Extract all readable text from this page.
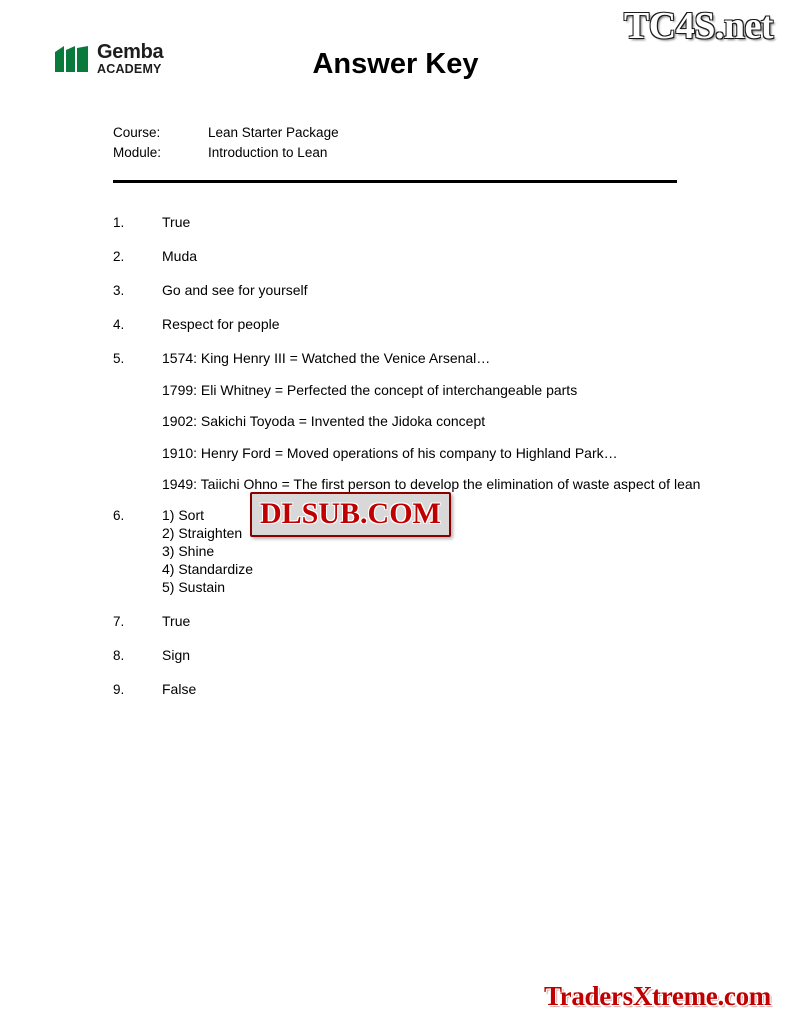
TC4S.net
Gemba
ACADEMY	Answer Key
Course:	Lean Starter Package
Module:	Introduction to Lean
1.	True
2.	Muda
3.	Go and see for yourself
4.	Respect for people
5.	1574: King Henry III = Watched the Venice Arsenal…
1799: Eli Whitney = Perfected the concept of interchangeable parts
1902: Sakichi Toyoda = Invented the Jidoka concept
1910: Henry Ford = Moved operations of his company to Highland Park…
1949: Taiichi Ohno = The first person to develop the elimination of waste aspect of lean
6.	1) Sort
2) Straighten
3) Shine
4) Standardize
5) Sustain
7.	True
8.	Sign
9.	False
DLSUB.COM
TradersXtreme.com
